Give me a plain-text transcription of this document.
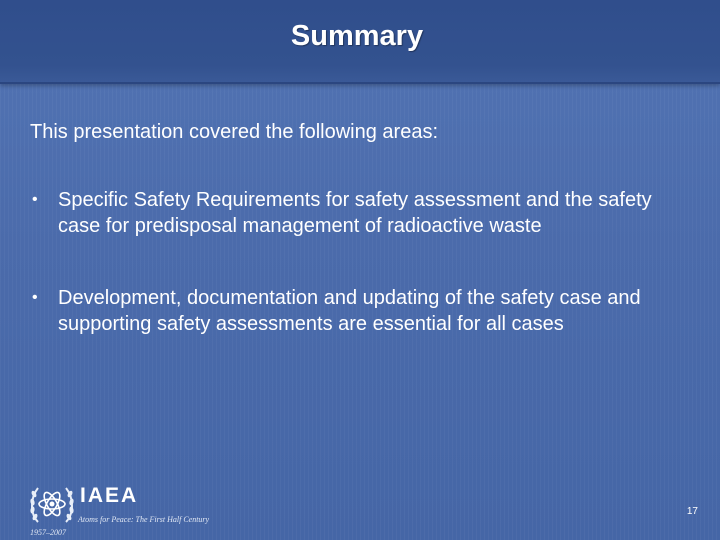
Summary
This presentation covered the following areas:
• Specific Safety Requirements for safety assessment and the safety case for predisposal management of radioactive waste
• Development, documentation and updating of the safety case and supporting safety assessments are essential for all cases
IAEA
Atoms for Peace: The First Half Century
1957–2007
17
